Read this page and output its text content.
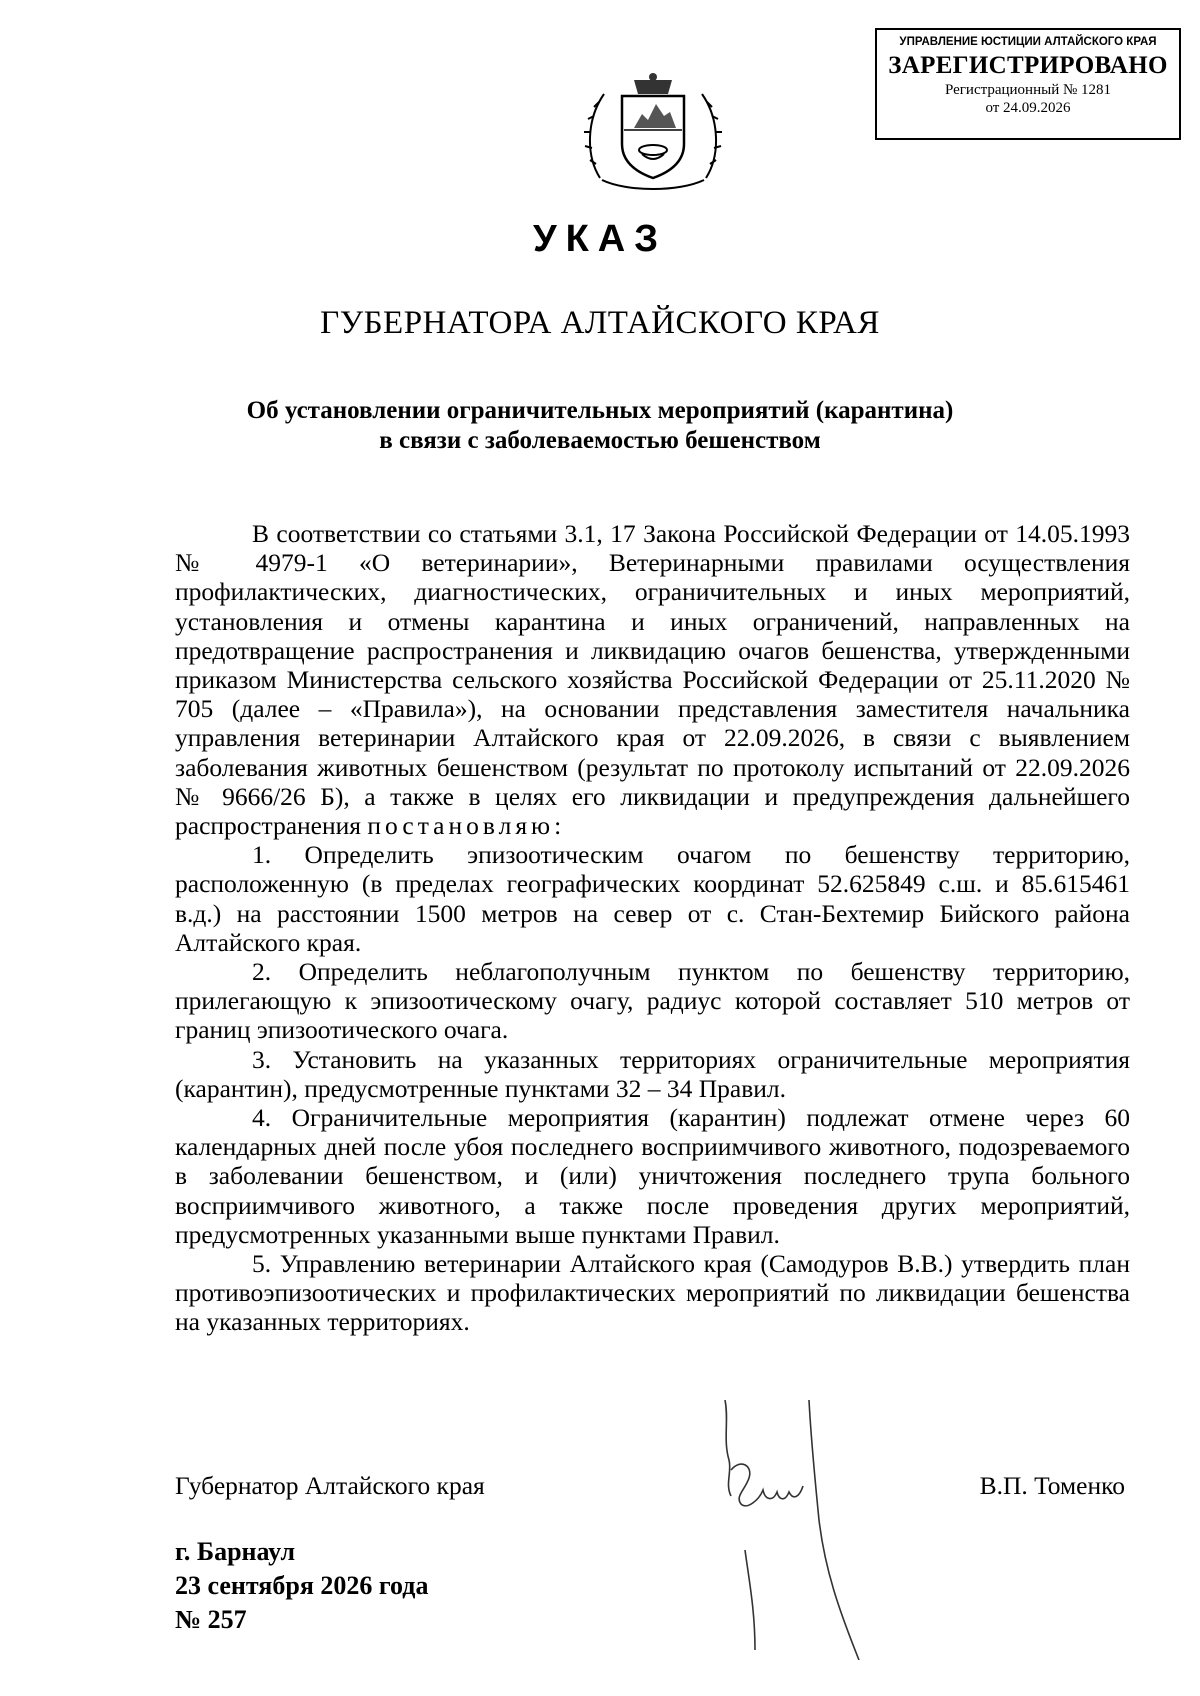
УПРАВЛЕНИЕ ЮСТИЦИИ АЛТАЙСКОГО КРАЯ
ЗАРЕГИСТРИРОВАНО
Регистрационный № 1281
от 24.09.2026
УКАЗ
ГУБЕРНАТОРА АЛТАЙСКОГО КРАЯ
Об установлении ограничительных мероприятий (карантина)
в связи с заболеваемостью бешенством

В соответствии со статьями 3.1, 17 Закона Российской Федерации от 14.05.1993 № 4979-1 «О ветеринарии», Ветеринарными правилами осуществления профилактических, диагностических, ограничительных и иных мероприятий, установления и отмены карантина и иных ограничений, направленных на предотвращение распространения и ликвидацию очагов бешенства, утвержденными приказом Министерства сельского хозяйства Российской Федерации от 25.11.2020 № 705 (далее – «Правила»), на основании представления заместителя начальника управления ветеринарии Алтайского края от 22.09.2026, в связи с выявлением заболевания животных бешенством (результат по протоколу испытаний от 22.09.2026 № 9666/26 Б), а также в целях его ликвидации и предупреждения дальнейшего распространения постановляю:

1. Определить эпизоотическим очагом по бешенству территорию, расположенную (в пределах географических координат 52.625849 с.ш. и 85.615461 в.д.) на расстоянии 1500 метров на север от с. Стан-Бехтемир Бийского района Алтайского края.

2. Определить неблагополучным пунктом по бешенству территорию, прилегающую к эпизоотическому очагу, радиус которой составляет 510 метров от границ эпизоотического очага.

3. Установить на указанных территориях ограничительные мероприятия (карантин), предусмотренные пунктами 32 – 34 Правил.

4. Ограничительные мероприятия (карантин) подлежат отмене через 60 календарных дней после убоя последнего восприимчивого животного, подозреваемого в заболевании бешенством, и (или) уничтожения последнего трупа больного восприимчивого животного, а также после проведения других мероприятий, предусмотренных указанными выше пунктами Правил.

5. Управлению ветеринарии Алтайского края (Самодуров В.В.) утвердить план противоэпизоотических и профилактических мероприятий по ликвидации бешенства на указанных территориях.

Губернатор Алтайского края	В.П. Томенко
г. Барнаул
23 сентября 2026 года
№ 257
